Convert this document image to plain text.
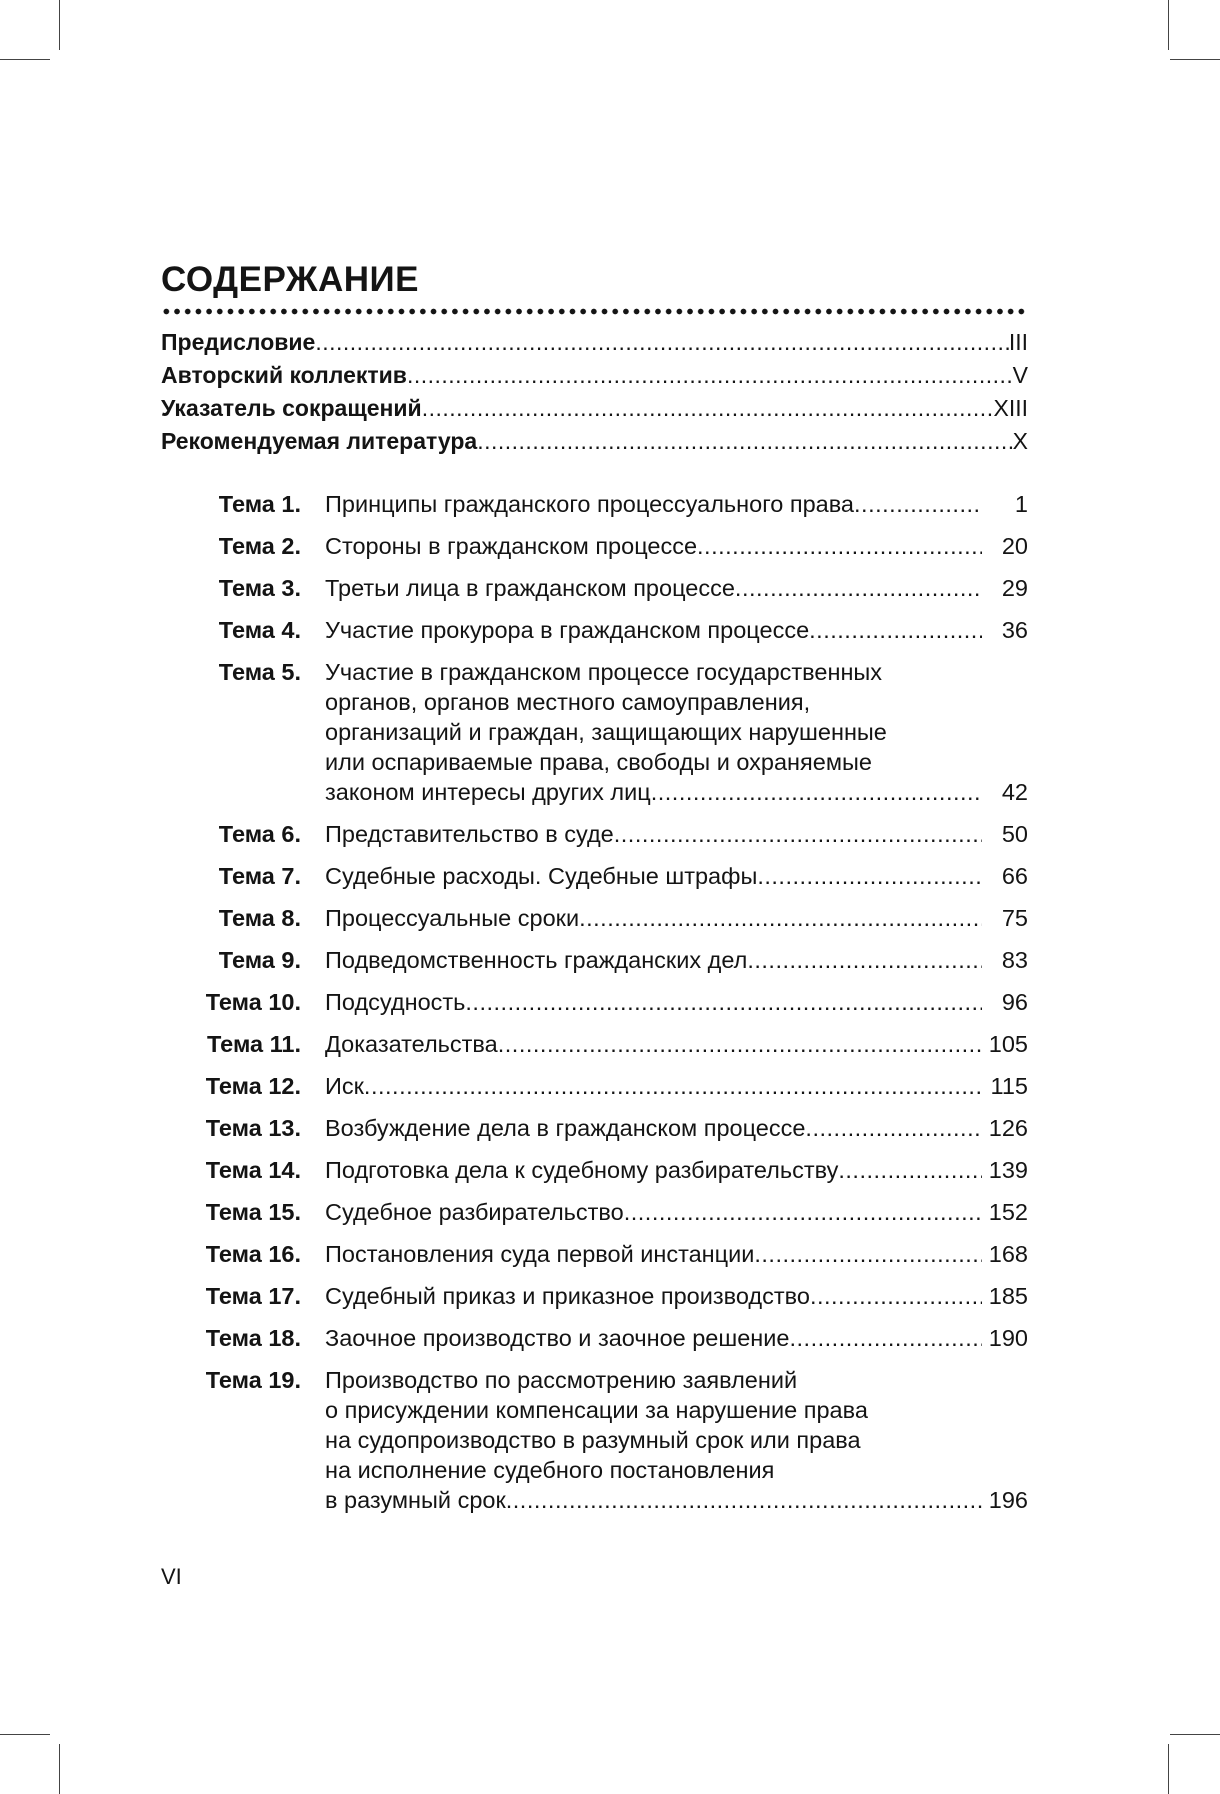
СОДЕРЖАНИЕ
Предисловие .....	III
Авторский коллектив .....	V
Указатель сокращений .....	XIII
Рекомендуемая литература .....	X
Тема 1. Принципы гражданского процессуального права .....	1
Тема 2. Стороны в гражданском процессе .....	20
Тема 3. Третьи лица в гражданском процессе .....	29
Тема 4. Участие прокурора в гражданском процессе .....	36
Тема 5. Участие в гражданском процессе государственных
органов, органов местного самоуправления,
организаций и граждан, защищающих нарушенные
или оспариваемые права, свободы и охраняемые
законом интересы других лиц .....	42
Тема 6. Представительство в суде .....	50
Тема 7. Судебные расходы. Судебные штрафы .....	66
Тема 8. Процессуальные сроки .....	75
Тема 9. Подведомственность гражданских дел .....	83
Тема 10. Подсудность .....	96
Тема 11. Доказательства .....	105
Тема 12. Иск .....	115
Тема 13. Возбуждение дела в гражданском процессе .....	126
Тема 14. Подготовка дела к судебному разбирательству .....	139
Тема 15. Судебное разбирательство .....	152
Тема 16. Постановления суда первой инстанции .....	168
Тема 17. Судебный приказ и приказное производство .....	185
Тема 18. Заочное производство и заочное решение .....	190
Тема 19. Производство по рассмотрению заявлений
о присуждении компенсации за нарушение права
на судопроизводство в разумный срок или права
на исполнение судебного постановления
в разумный срок .....	196
VI
